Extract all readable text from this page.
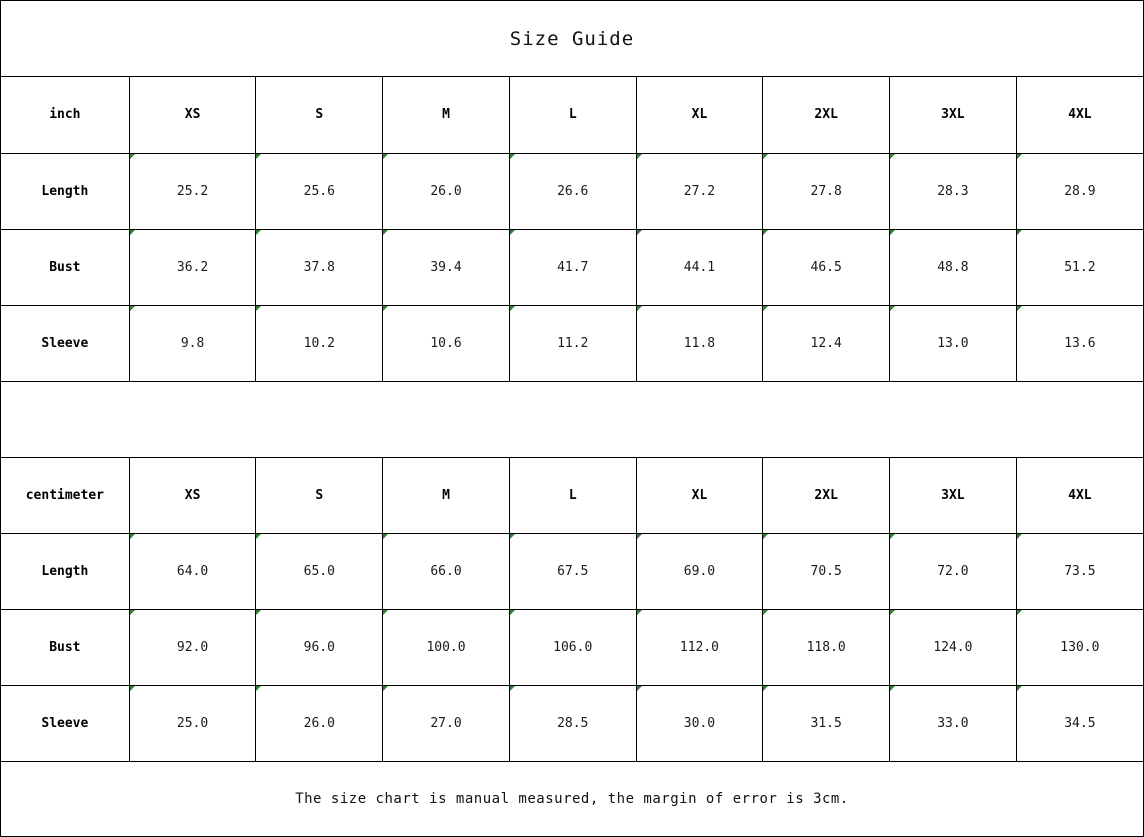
Size Guide
inch	XS	S	M	L	XL	2XL	3XL	4XL
Length	25.2	25.6	26.0	26.6	27.2	27.8	28.3	28.9
Bust	36.2	37.8	39.4	41.7	44.1	46.5	48.8	51.2
Sleeve	9.8	10.2	10.6	11.2	11.8	12.4	13.0	13.6
centimeter	XS	S	M	L	XL	2XL	3XL	4XL
Length	64.0	65.0	66.0	67.5	69.0	70.5	72.0	73.5
Bust	92.0	96.0	100.0	106.0	112.0	118.0	124.0	130.0
Sleeve	25.0	26.0	27.0	28.5	30.0	31.5	33.0	34.5
The size chart is manual measured, the margin of error is 3cm.
